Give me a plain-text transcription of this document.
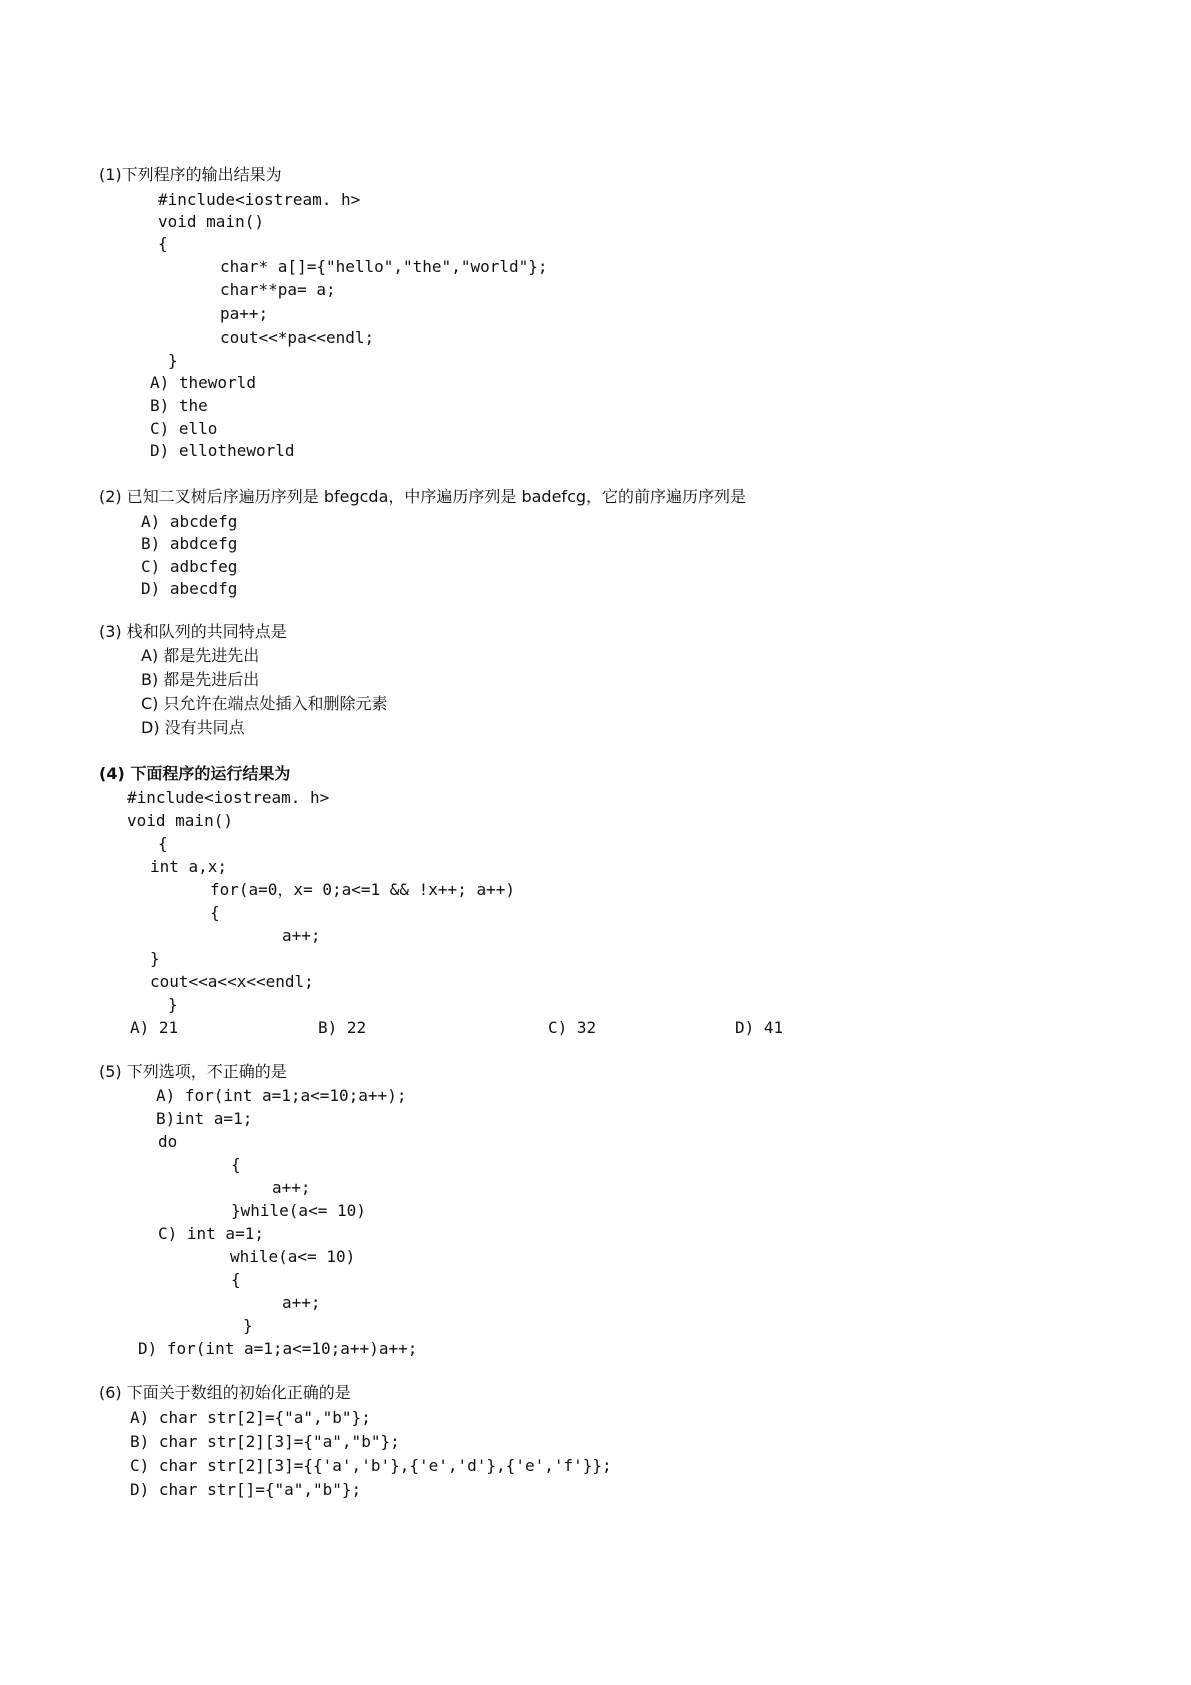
(1)下列程序的输出结果为
#include<iostream. h>
void main()
{
char* a[]={"hello","the","world"};
char**pa= a;
pa++;
cout<<*pa<<endl;
}
A) theworld
B) the
C) ello
D) ellotheworld
(2) 已知二叉树后序遍历序列是 bfegcda，中序遍历序列是 badefcg，它的前序遍历序列是
A) abcdefg
B) abdcefg
C) adbcfeg
D) abecdfg
(3) 栈和队列的共同特点是
A) 都是先进先出
B) 都是先进后出
C) 只允许在端点处插入和删除元素
D) 没有共同点
(4) 下面程序的运行结果为
#include<iostream. h>
void main()
{
int a,x;
for(a=0，x= 0;a<=1 && !x++; a++)
{
a++;
}
cout<<a<<x<<endl;
}
A) 21	B) 22	C) 32	D) 41
(5) 下列选项，不正确的是
A) for(int a=1;a<=10;a++);
B)int a=1;
do
{
a++;
}while(a<= 10)
C) int a=1;
while(a<= 10)
{
a++;
}
D) for(int a=1;a<=10;a++)a++;
(6) 下面关于数组的初始化正确的是
A) char str[2]={"a","b"};
B) char str[2][3]={"a","b"};
C) char str[2][3]={{'a','b'},{'e','d'},{'e','f'}};
D) char str[]={"a","b"};
